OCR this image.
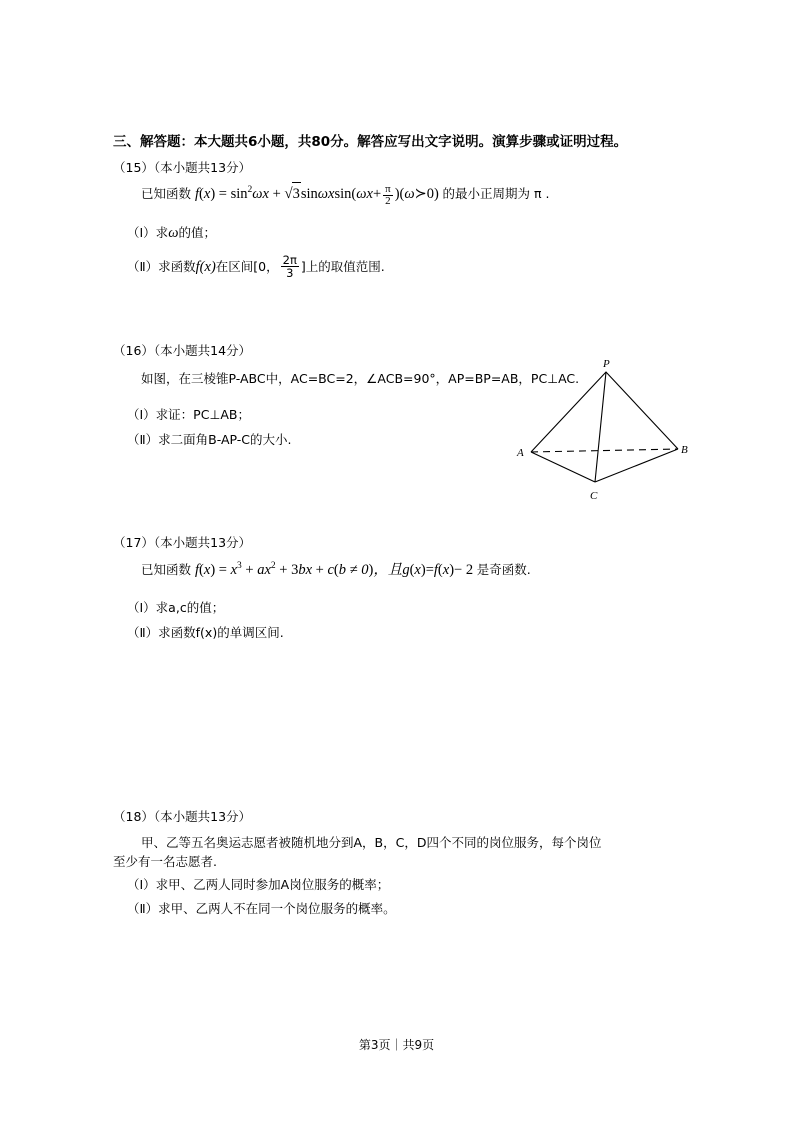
三、解答题：本大题共6小题，共80分。解答应写出文字说明。演算步骤或证明过程。
（15）（本小题共13分）
已知函数 $f(x) = \sin^2\omega x + √3\sin\omega xsin(\omega x+ \frac{\pi}{2}$ )(ω≻0) 的最小正周期为 π .
（Ⅰ）求ω的值；
（Ⅱ）求函数f(x)在区间[0， $\frac{2\pi}{3}$ ]上的取值范围.
（16）（本小题共14分）
如图，在三棱锥P-ABC中，AC=BC=2，∠ACB=90°，AP=BP=AB，PC⊥AC.
（Ⅰ）求证：PC⊥AB；
（Ⅱ）求二面角B-AP-C的大小.
P
A	B
C
（17）（本小题共13分）
已知函数 $f(x) = x^3 + ax^2 + 3bx + c(b \ne 0)$，且g(x)=f(x)− 2 是奇函数.
（Ⅰ）求a,c的值；
（Ⅱ）求函数f(x)的单调区间.
（18）（本小题共13分）
甲、乙等五名奥运志愿者被随机地分到A，B，C，D四个不同的岗位服务，每个岗位
至少有一名志愿者.
（Ⅰ）求甲、乙两人同时参加A岗位服务的概率；
（Ⅱ）求甲、乙两人不在同一个岗位服务的概率。
第3页｜共9页
